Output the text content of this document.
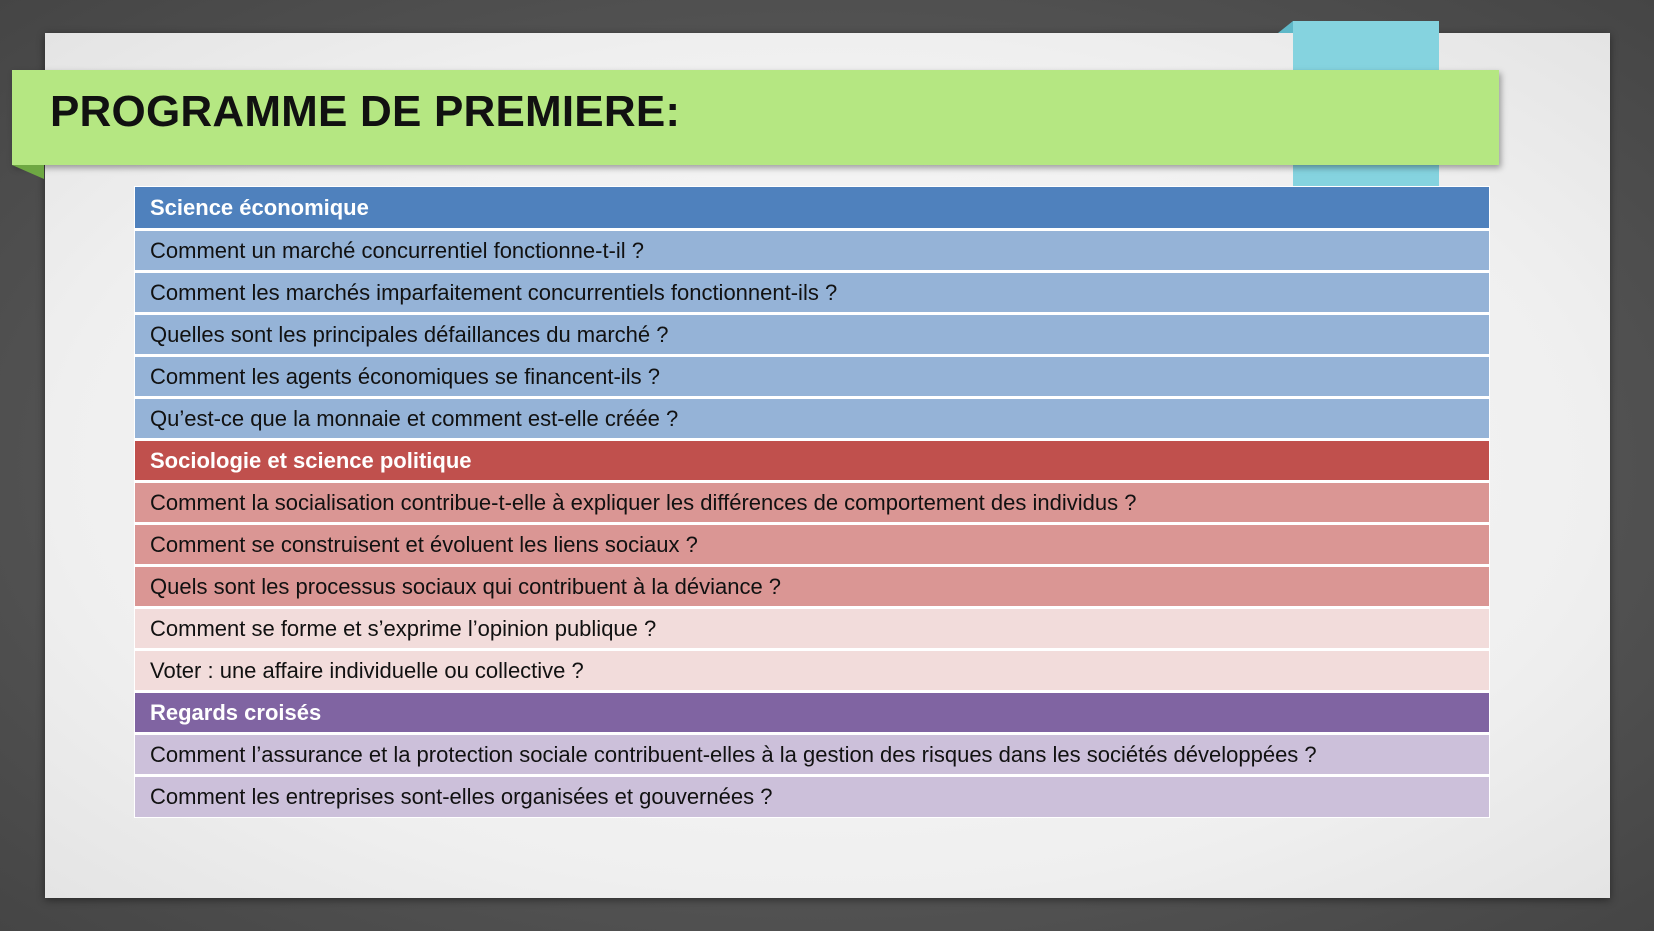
PROGRAMME DE PREMIERE:
Science économique
Comment un marché concurrentiel fonctionne-t-il ?
Comment les marchés imparfaitement concurrentiels fonctionnent-ils ?
Quelles sont les principales défaillances du marché ?
Comment les agents économiques se financent-ils ?
Qu’est-ce que la monnaie et comment est-elle créée ?
Sociologie et science politique
Comment la socialisation contribue-t-elle à expliquer les différences de comportement des individus ?
Comment se construisent et évoluent les liens sociaux ?
Quels sont les processus sociaux qui contribuent à la déviance ?
Comment se forme et s’exprime l’opinion publique ?
Voter : une affaire individuelle ou collective ?
Regards croisés
Comment l’assurance et la protection sociale contribuent-elles à la gestion des risques dans les sociétés développées ?
Comment les entreprises sont-elles organisées et gouvernées ?
